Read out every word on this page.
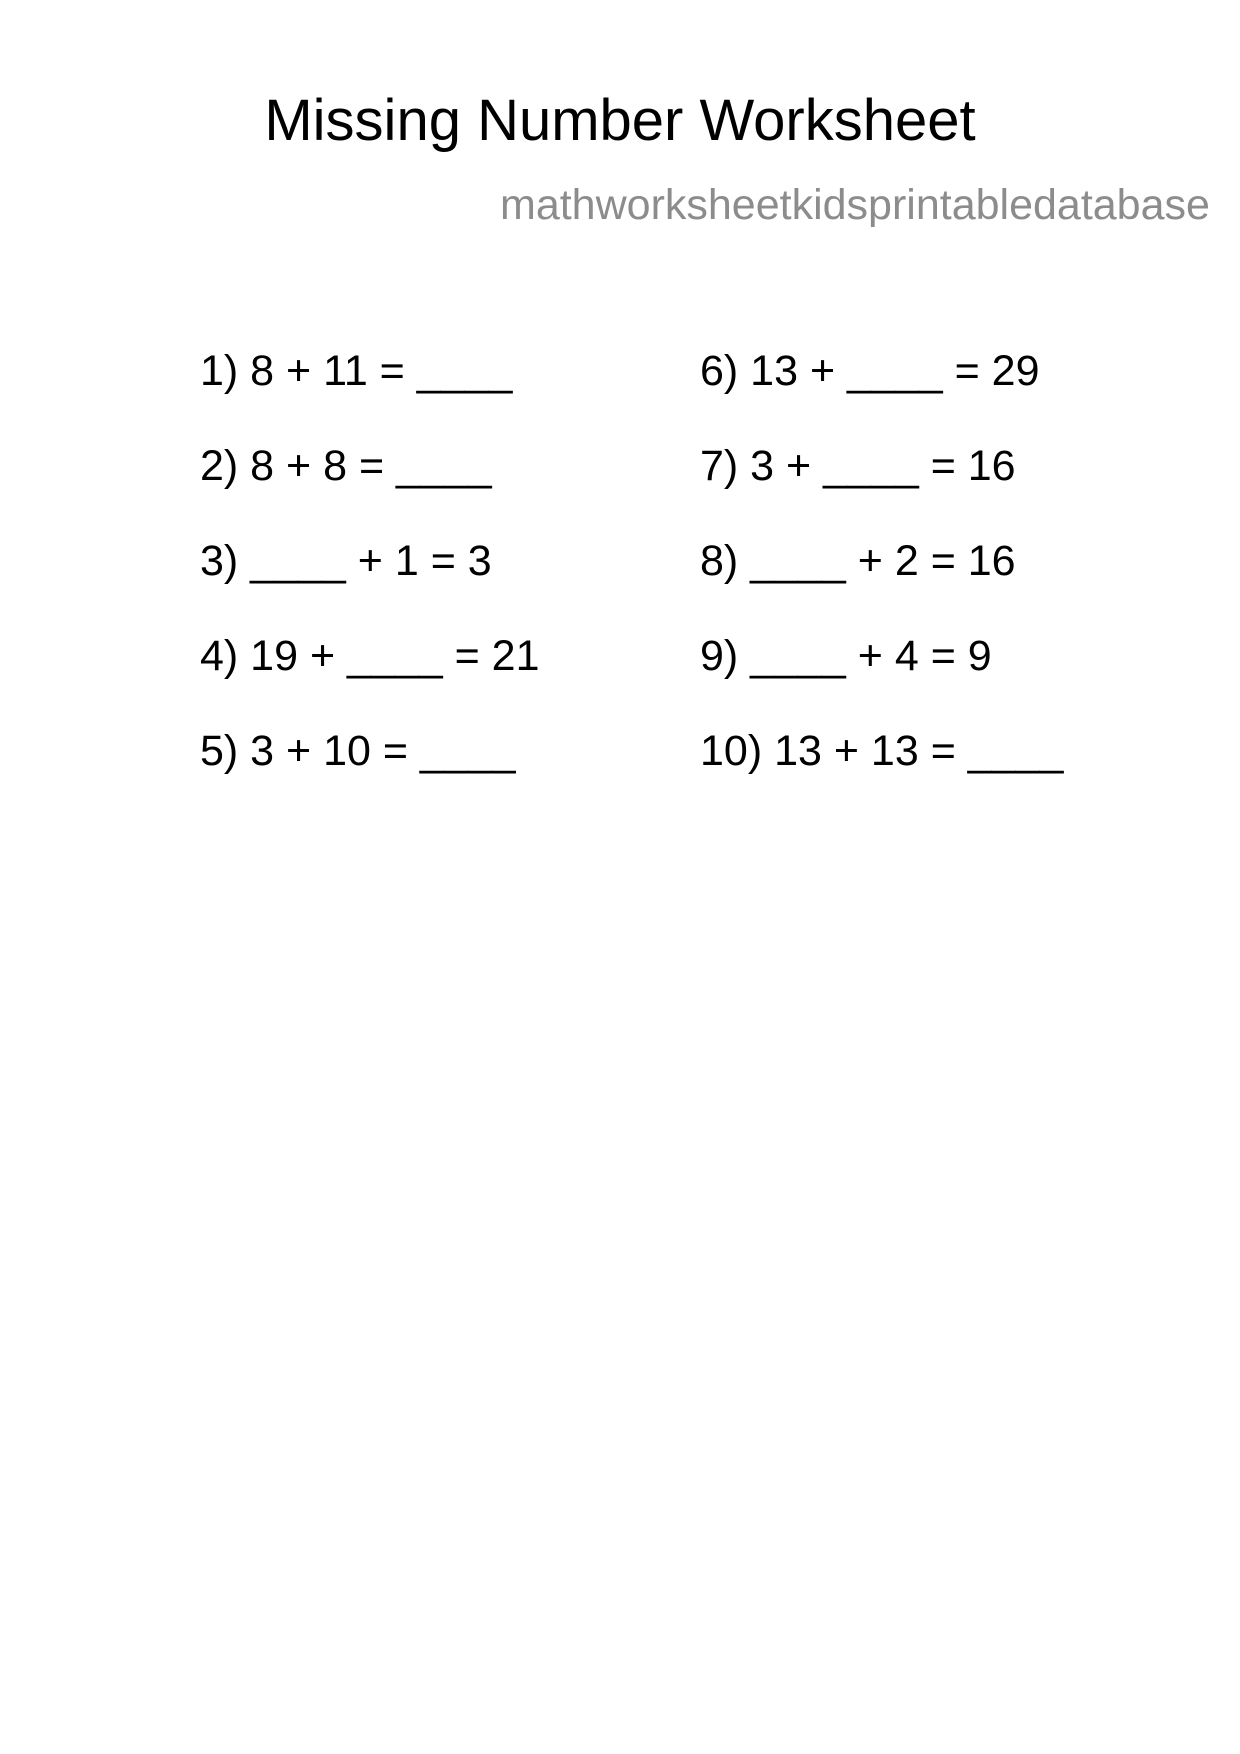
Missing Number Worksheet
mathworksheetkidsprintabledatabase
1) 8 + 11 = ____
2) 8 + 8 = ____
3) ____ + 1 = 3
4) 19 + ____ = 21
5) 3 + 10 = ____
6) 13 + ____ = 29
7) 3 + ____ = 16
8) ____ + 2 = 16
9) ____ + 4 = 9
10) 13 + 13 = ____
